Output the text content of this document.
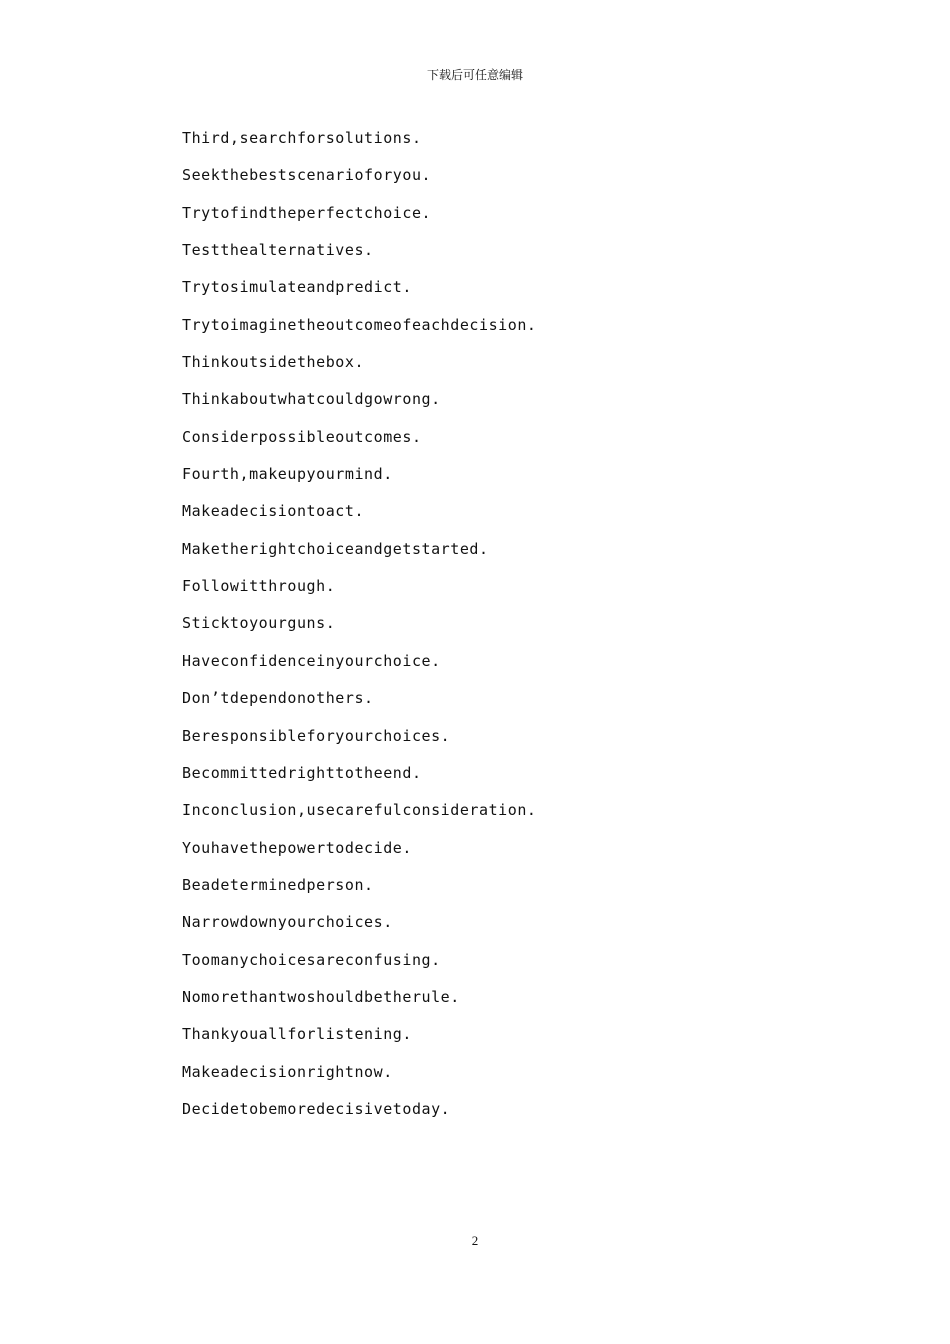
下载后可任意编辑
Third,searchforsolutions.
Seekthebestscenarioforyou.
Trytofindtheperfectchoice.
Testthealternatives.
Trytosimulateandpredict.
Trytoimaginetheoutcomeofeachdecision.
Thinkoutsidethebox.
Thinkaboutwhatcouldgowrong.
Considerpossibleoutcomes.
Fourth,makeupyourmind.
Makeadecisiontoact.
Maketherightchoiceandgetstarted.
Followitthrough.
Sticktoyourguns.
Haveconfidenceinyourchoice.
Don’tdependonothers.
Beresponsibleforyourchoices.
Becommittedrighttotheend.
Inconclusion,usecarefulconsideration.
Youhavethepowertodecide.
Beadeterminedperson.
Narrowdownyourchoices.
Toomanychoicesareconfusing.
Nomorethantwoshouldbetherule.
Thankyouallforlistening.
Makeadecisionrightnow.
Decidetobemoredecisivetoday.
2
